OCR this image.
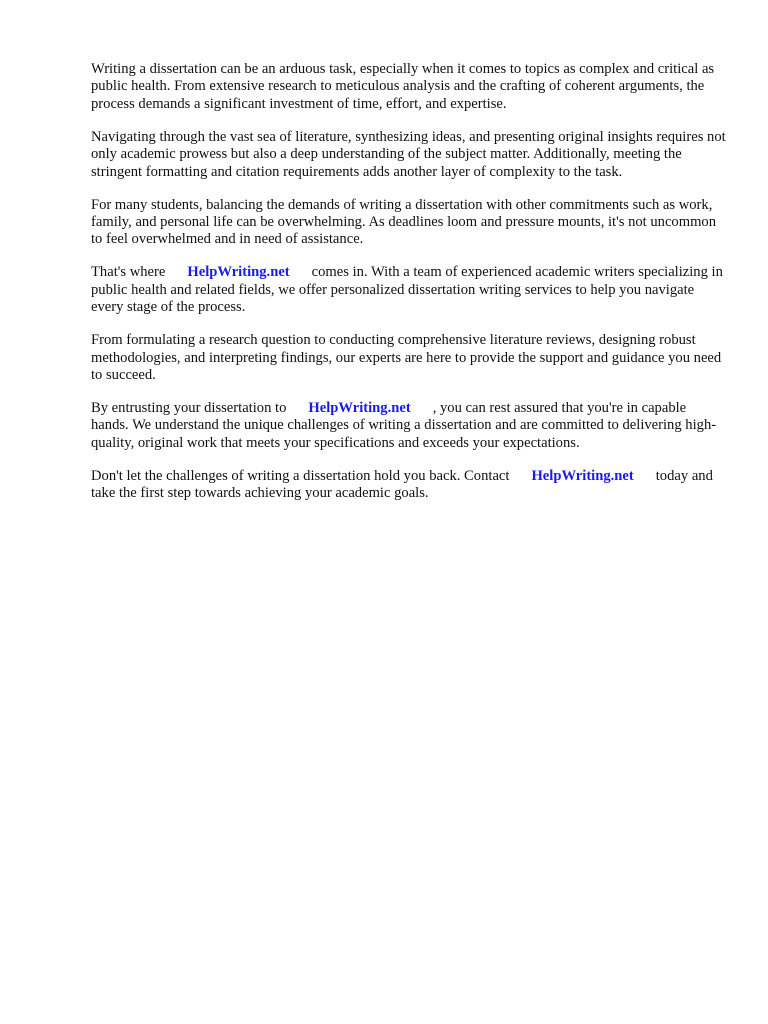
Writing a dissertation can be an arduous task, especially when it comes to topics as complex and critical as public health. From extensive research to meticulous analysis and the crafting of coherent arguments, the process demands a significant investment of time, effort, and expertise.

Navigating through the vast sea of literature, synthesizing ideas, and presenting original insights requires not only academic prowess but also a deep understanding of the subject matter. Additionally, meeting the stringent formatting and citation requirements adds another layer of complexity to the task.

For many students, balancing the demands of writing a dissertation with other commitments such as work, family, and personal life can be overwhelming. As deadlines loom and pressure mounts, it's not uncommon to feel overwhelmed and in need of assistance.

That's where HelpWriting.net comes in. With a team of experienced academic writers specializing in public health and related fields, we offer personalized dissertation writing services to help you navigate every stage of the process.

From formulating a research question to conducting comprehensive literature reviews, designing robust methodologies, and interpreting findings, our experts are here to provide the support and guidance you need to succeed.

By entrusting your dissertation to HelpWriting.net , you can rest assured that you're in capable hands. We understand the unique challenges of writing a dissertation and are committed to delivering high-quality, original work that meets your specifications and exceeds your expectations.

Don't let the challenges of writing a dissertation hold you back. Contact HelpWriting.net today and take the first step towards achieving your academic goals.
